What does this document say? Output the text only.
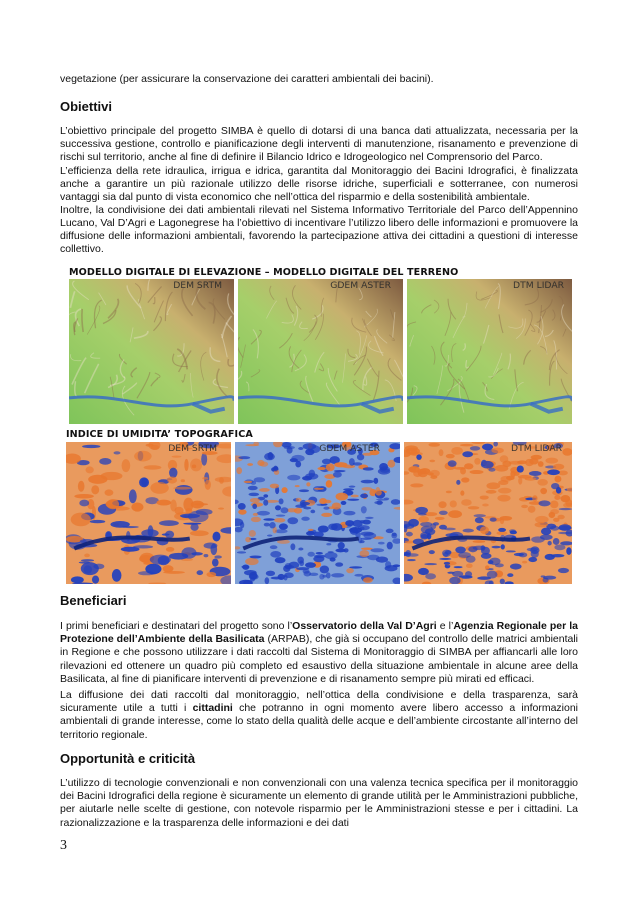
vegetazione (per assicurare la conservazione dei caratteri ambientali dei bacini).
Obiettivi
L’obiettivo principale del progetto SIMBA è quello di dotarsi di una banca dati attualizzata, necessaria per la successiva gestione, controllo e pianificazione degli interventi di manutenzione, risanamento e prevenzione di rischi sul territorio, anche al fine di definire il Bilancio Idrico e Idrogeologico nel Comprensorio del Parco.
L’efficienza della rete idraulica, irrigua e idrica, garantita dal Monitoraggio dei Bacini Idrografici, è finalizzata anche a garantire un più razionale utilizzo delle risorse idriche, superficiali e sotterranee, con numerosi vantaggi sia dal punto di vista economico che nell’ottica del risparmio e della sostenibilità ambientale.
Inoltre, la condivisione dei dati ambientali rilevati nel Sistema Informativo Territoriale del Parco dell’Appennino Lucano, Val D’Agri e Lagonegrese ha l’obiettivo di incentivare l’utilizzo libero delle informazioni e promuovere la diffusione delle informazioni ambientali, favorendo la partecipazione attiva dei cittadini a questioni di interesse collettivo.
MODELLO DIGITALE DI ELEVAZIONE – MODELLO DIGITALE DEL TERRENO
DEM SRTM	GDEM ASTER	DTM LIDAR
INDICE DI UMIDITA’ TOPOGRAFICA
DEM SRTM	GDEM ASTER	DTM LIDAR
Beneficiari
I primi beneficiari e destinatari del progetto sono l’Osservatorio della Val D’Agri e l’Agenzia Regionale per la Protezione dell’Ambiente della Basilicata (ARPAB), che già si occupano del controllo delle matrici ambientali in Regione e che possono utilizzare i dati raccolti dal Sistema di Monitoraggio di SIMBA per affiancarli alle loro rilevazioni ed ottenere un quadro più completo ed esaustivo della situazione ambientale in alcune aree della Basilicata, al fine di pianificare interventi di prevenzione e di risanamento sempre più mirati ed efficaci.
La diffusione dei dati raccolti dal monitoraggio, nell’ottica della condivisione e della trasparenza, sarà sicuramente utile a tutti i cittadini che potranno in ogni momento avere libero accesso a informazioni ambientali di grande interesse, come lo stato della qualità delle acque e dell’ambiente circostante all’interno del territorio regionale.
Opportunità e criticità
L’utilizzo di tecnologie convenzionali e non convenzionali con una valenza tecnica specifica per il monitoraggio dei Bacini Idrografici della regione è sicuramente un elemento di grande utilità per le Amministrazioni pubbliche, per aiutarle nelle scelte di gestione, con notevole risparmio per le Amministrazioni stesse e per i cittadini. La razionalizzazione e la trasparenza delle informazioni e dei dati
3
